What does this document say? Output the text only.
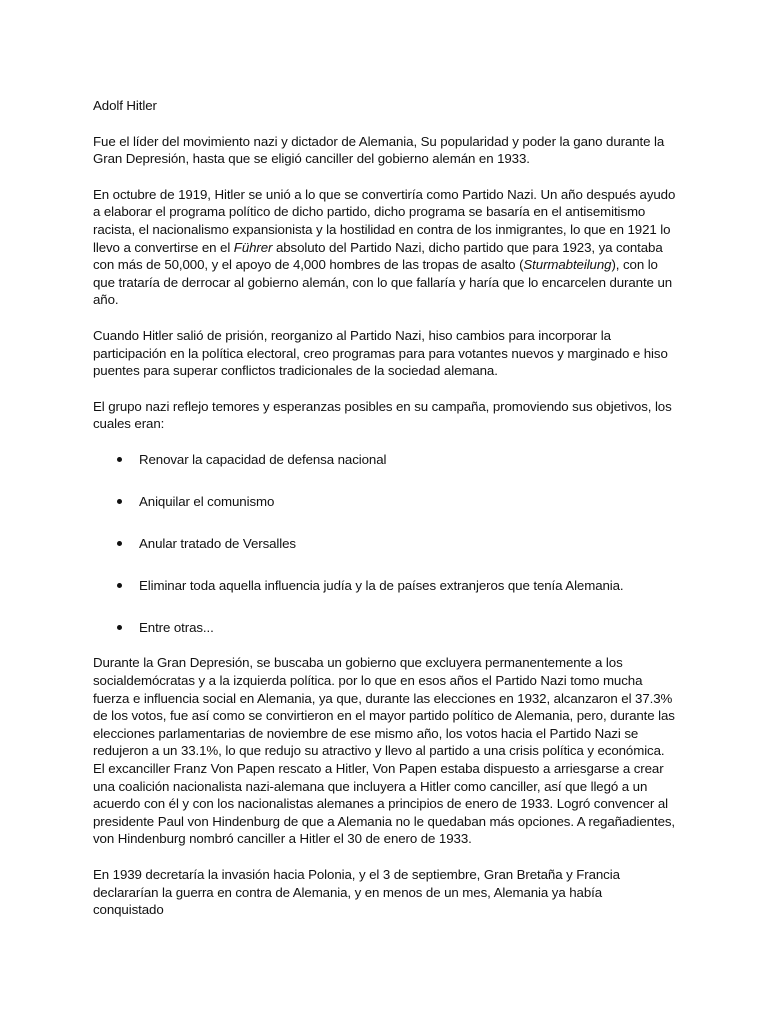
Adolf Hitler

Fue el líder del movimiento nazi y dictador de Alemania, Su popularidad y poder la gano durante la Gran Depresión, hasta que se eligió canciller del gobierno alemán en 1933.

En octubre de 1919, Hitler se unió a lo que se convertiría como Partido Nazi. Un año después ayudo a elaborar el programa político de dicho partido, dicho programa se basaría en el antisemitismo racista, el nacionalismo expansionista y la hostilidad en contra de los inmigrantes, lo que en 1921 lo llevo a convertirse en el Führer absoluto del Partido Nazi, dicho partido que para 1923, ya contaba con más de 50,000, y el apoyo de 4,000 hombres de las tropas de asalto (Sturmabteilung), con lo que trataría de derrocar al gobierno alemán, con lo que fallaría y haría que lo encarcelen durante un año.

Cuando Hitler salió de prisión, reorganizo al Partido Nazi, hiso cambios para incorporar la participación en la política electoral, creo programas para para votantes nuevos y marginado e hiso puentes para superar conflictos tradicionales de la sociedad alemana.

El grupo nazi reflejo temores y esperanzas posibles en su campaña, promoviendo sus objetivos, los cuales eran:

Renovar la capacidad de defensa nacional
Aniquilar el comunismo
Anular tratado de Versalles
Eliminar toda aquella influencia judía y la de países extranjeros que tenía Alemania.
Entre otras...

Durante la Gran Depresión, se buscaba un gobierno que excluyera permanentemente a los socialdemócratas y a la izquierda política. por lo que en esos años el Partido Nazi tomo mucha fuerza e influencia social en Alemania, ya que, durante las elecciones en 1932, alcanzaron el 37.3% de los votos, fue así como se convirtieron en el mayor partido político de Alemania, pero, durante las elecciones parlamentarias de noviembre de ese mismo año, los votos hacia el Partido Nazi se redujeron a un 33.1%, lo que redujo su atractivo y llevo al partido a una crisis política y económica. El excanciller Franz Von Papen rescato a Hitler, Von Papen estaba dispuesto a arriesgarse a crear una coalición nacionalista nazi-alemana que incluyera a Hitler como canciller, así que llegó a un acuerdo con él y con los nacionalistas alemanes a principios de enero de 1933. Logró convencer al presidente Paul von Hindenburg de que a Alemania no le quedaban más opciones. A regañadientes, von Hindenburg nombró canciller a Hitler el 30 de enero de 1933.

En 1939 decretaría la invasión hacia Polonia, y el 3 de septiembre, Gran Bretaña y Francia declararían la guerra en contra de Alemania, y en menos de un mes, Alemania ya había conquistado
